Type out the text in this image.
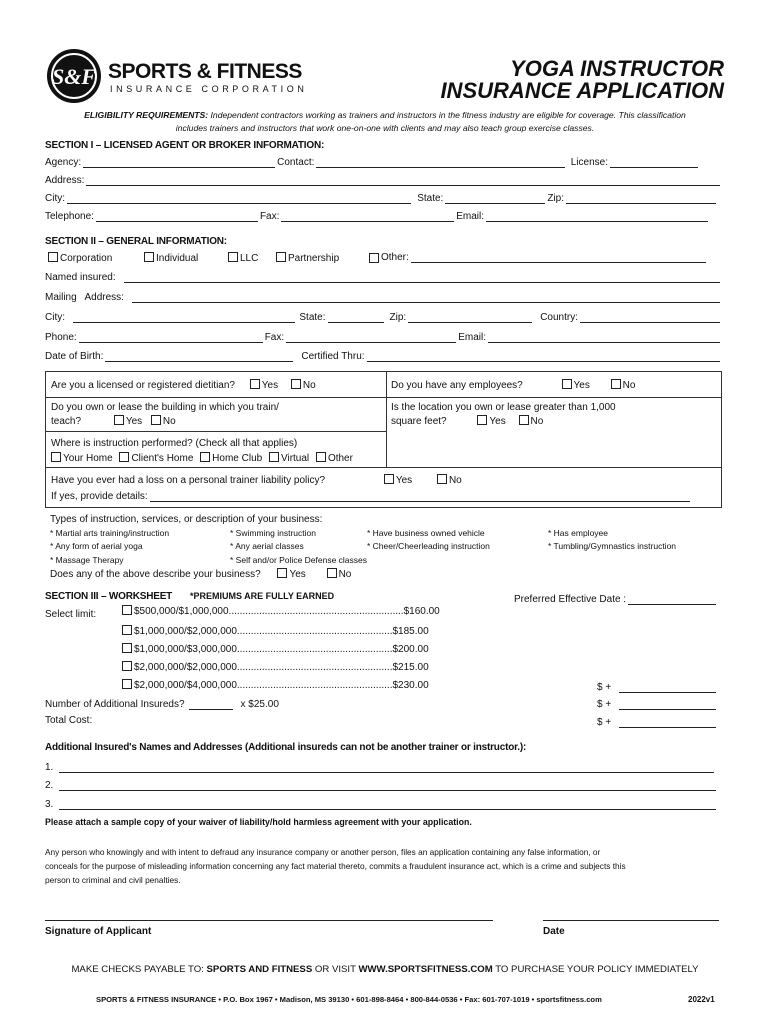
S&F SPORTS & FITNESS
INSURANCE CORPORATION
YOGA INSTRUCTOR
INSURANCE APPLICATION
ELIGIBILITY REQUIREMENTS: Independent contractors working as trainers and instructors in the fitness industry are eligible for coverage. This classification
includes trainers and instructors that work one-on-one with clients and may also teach group exercise classes.
SECTION I – LICENSED AGENT OR BROKER INFORMATION:
Agency:	Contact:	License:
Address:
City:	State:	Zip:
Telephone:	Fax:	Email:
SECTION II – GENERAL INFORMATION:
Corporation	Individual	LLC	Partnership	Other:
Named insured:
Mailing   Address:
City:	State:	Zip:	Country:
Phone:	Fax:	Email:
Date of Birth:	Certified Thru:
Are you a licensed or registered dietitian?	Yes No	Do you have any employees?	Yes	No
Do you own or lease the building in which you train/
teach?	Yes No
Is the location you own or lease greater than 1,000
square feet?	Yes No
Where is instruction performed? (Check all that applies)
Your Home Client's Home Home Club Virtual Other
Have you ever had a loss on a personal trainer liability policy?	Yes	No
If yes, provide details:
Types of instruction, services, or description of your business:
* Martial arts training/instruction	* Swimming instruction	* Have business owned vehicle	* Has employee
* Any form of aerial yoga	* Any aerial classes	* Cheer/Cheerleading instruction	* Tumbling/Gymnastics instruction
* Massage Therapy	* Self and/or Police Defense classes
Does any of the above describe your business?	Yes	No
SECTION III – WORKSHEET *PREMIUMS ARE FULLY EARNED	Preferred Effective Date :
Select limit:	$500,000/$1,000,000...............................................................$160.00
$1,000,000/$2,000,000........................................................$185.00
$1,000,000/$3,000,000........................................................$200.00
$2,000,000/$2,000,000........................................................$215.00
$2,000,000/$4,000,000........................................................$230.00	$ +
Number of Additional Insureds?	x $25.00	$ +
Total Cost:	$ +
Additional Insured's Names and Addresses (Additional insureds can not be another trainer or instructor.):
1.
2.
3.
Please attach a sample copy of your waiver of liability/hold harmless agreement with your application.
Any person who knowingly and with intent to defraud any insurance company or another person, files an application containing any false information, or
conceals for the purpose of misleading information concerning any fact material thereto, commits a fraudulent insurance act, which is a crime and subjects this
person to criminal and civil penalties.
Signature of Applicant	Date
MAKE CHECKS PAYABLE TO: SPORTS AND FITNESS OR VISIT WWW.SPORTSFITNESS.COM TO PURCHASE YOUR POLICY IMMEDIATELY
SPORTS & FITNESS INSURANCE • P.O. Box 1967 • Madison, MS 39130 • 601-898-8464 • 800-844-0536 • Fax: 601-707-1019 • sportsfitness.com	2022v1
